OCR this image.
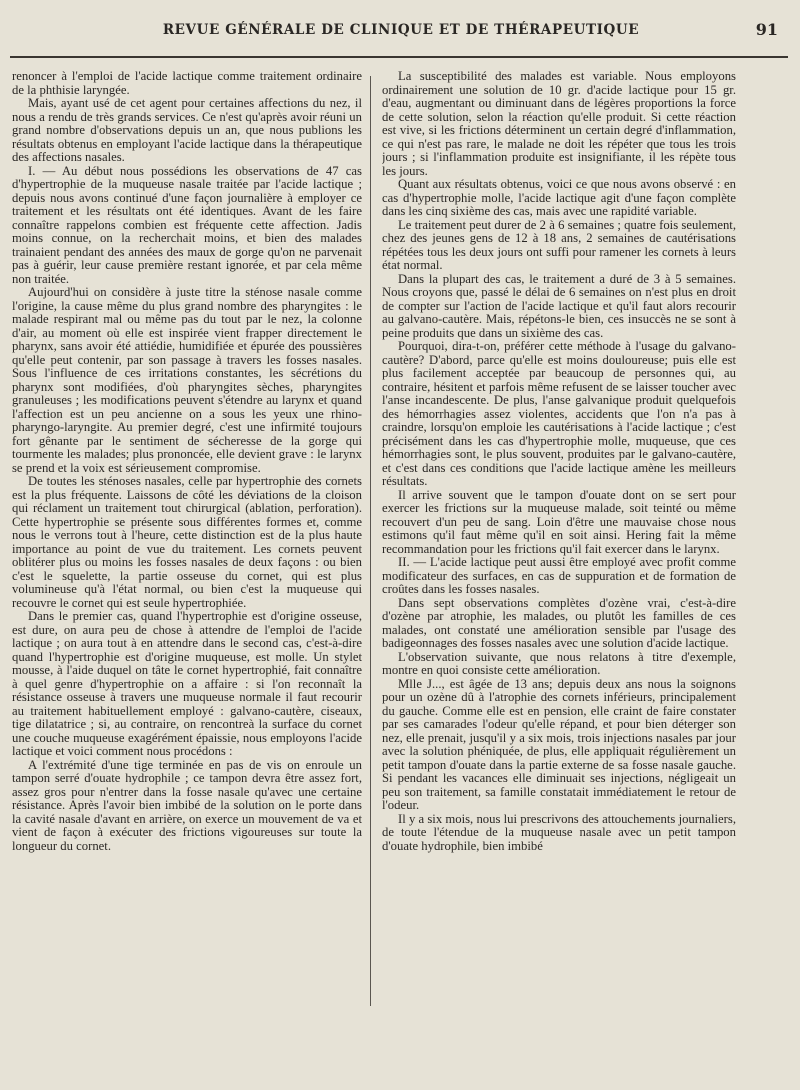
REVUE GÉNÉRALE DE CLINIQUE ET DE THÉRAPEUTIQUE	91

renoncer à l'emploi de l'acide lactique comme traitement ordinaire de la phthisie laryngée.

Mais, ayant usé de cet agent pour certaines affections du nez, il nous a rendu de très grands services. Ce n'est qu'après avoir réuni un grand nombre d'observations depuis un an, que nous publions les résultats obtenus en employant l'acide lactique dans la thérapeutique des affections nasales.

I. — Au début nous possédions les observations de 47 cas d'hypertrophie de la muqueuse nasale traitée par l'acide lactique ; depuis nous avons continué d'une façon journalière à employer ce traitement et les résultats ont été identiques. Avant de les faire connaître rappelons combien est fréquente cette affection. Jadis moins connue, on la recherchait moins, et bien des malades trainaient pendant des années des maux de gorge qu'on ne parvenait pas à guérir, leur cause première restant ignorée, et par cela même non traitée.

Aujourd'hui on considère à juste titre la sténose nasale comme l'origine, la cause même du plus grand nombre des pharyngites : le malade respirant mal ou même pas du tout par le nez, la colonne d'air, au moment où elle est inspirée vient frapper directement le pharynx, sans avoir été attiédie, humidifiée et épurée des poussières qu'elle peut contenir, par son passage à travers les fosses nasales. Sous l'influence de ces irritations constantes, les sécrétions du pharynx sont modifiées, d'où pharyngites sèches, pharyngites granuleuses ; les modifications peuvent s'étendre au larynx et quand l'affection est un peu ancienne on a sous les yeux une rhino-pharyngo-laryngite. Au premier degré, c'est une infirmité toujours fort gênante par le sentiment de sécheresse de la gorge qui tourmente les malades; plus prononcée, elle devient grave : le larynx se prend et la voix est sérieusement compromise.

De toutes les sténoses nasales, celle par hypertrophie des cornets est la plus fréquente. Laissons de côté les déviations de la cloison qui réclament un traitement tout chirurgical (ablation, perforation). Cette hypertrophie se présente sous différentes formes et, comme nous le verrons tout à l'heure, cette distinction est de la plus haute importance au point de vue du traitement. Les cornets peuvent oblitérer plus ou moins les fosses nasales de deux façons : ou bien c'est le squelette, la partie osseuse du cornet, qui est plus volumineuse qu'à l'état normal, ou bien c'est la muqueuse qui recouvre le cornet qui est seule hypertrophiée.

Dans le premier cas, quand l'hypertrophie est d'origine osseuse, est dure, on aura peu de chose à attendre de l'emploi de l'acide lactique ; on aura tout à en attendre dans le second cas, c'est-à-dire quand l'hypertrophie est d'origine muqueuse, est molle. Un stylet mousse, à l'aide duquel on tâte le cornet hypertrophié, fait connaître à quel genre d'hypertrophie on a affaire : si l'on reconnaît la résistance osseuse à travers une muqueuse normale il faut recourir au traitement habituellement employé : galvano-cautère, ciseaux, tige dilatatrice ; si, au contraire, on rencontreà la surface du cornet une couche muqueuse exagérément épaissie, nous employons l'acide lactique et voici comment nous procédons :

A l'extrémité d'une tige terminée en pas de vis on enroule un tampon serré d'ouate hydrophile ; ce tampon devra être assez fort, assez gros pour n'entrer dans la fosse nasale qu'avec une certaine résistance. Après l'avoir bien imbibé de la solution on le porte dans la cavité nasale d'avant en arrière, on exerce un mouvement de va et vient de façon à exécuter des frictions vigoureuses sur toute la longueur du cornet.

La susceptibilité des malades est variable. Nous employons ordinairement une solution de 10 gr. d'acide lactique pour 15 gr. d'eau, augmentant ou diminuant dans de légères proportions la force de cette solution, selon la réaction qu'elle produit. Si cette réaction est vive, si les frictions déterminent un certain degré d'inflammation, ce qui n'est pas rare, le malade ne doit les répéter que tous les trois jours ; si l'inflammation produite est insignifiante, il les répète tous les jours.

Quant aux résultats obtenus, voici ce que nous avons observé : en cas d'hypertrophie molle, l'acide lactique agit d'une façon complète dans les cinq sixième des cas, mais avec une rapidité variable.

Le traitement peut durer de 2 à 6 semaines ; quatre fois seulement, chez des jeunes gens de 12 à 18 ans, 2 semaines de cautérisations répétées tous les deux jours ont suffi pour ramener les cornets à leurs état normal.

Dans la plupart des cas, le traitement a duré de 3 à 5 semaines. Nous croyons que, passé le délai de 6 semaines on n'est plus en droit de compter sur l'action de l'acide lactique et qu'il faut alors recourir au galvano-cautère. Mais, répétons-le bien, ces insuccès ne se sont à peine produits que dans un sixième des cas.

Pourquoi, dira-t-on, préférer cette méthode à l'usage du galvano-cautère? D'abord, parce qu'elle est moins douloureuse; puis elle est plus facilement acceptée par beaucoup de personnes qui, au contraire, hésitent et parfois même refusent de se laisser toucher avec l'anse incandescente. De plus, l'anse galvanique produit quelquefois des hémorrhagies assez violentes, accidents que l'on n'a pas à craindre, lorsqu'on emploie les cautérisations à l'acide lactique ; c'est précisément dans les cas d'hypertrophie molle, muqueuse, que ces hémorrhagies sont, le plus souvent, produites par le galvano-cautère, et c'est dans ces conditions que l'acide lactique amène les meilleurs résultats.

Il arrive souvent que le tampon d'ouate dont on se sert pour exercer les frictions sur la muqueuse malade, soit teinté ou même recouvert d'un peu de sang. Loin d'être une mauvaise chose nous estimons qu'il faut même qu'il en soit ainsi. Hering fait la même recommandation pour les frictions qu'il fait exercer dans le larynx.

II. — L'acide lactique peut aussi être employé avec profit comme modificateur des surfaces, en cas de suppuration et de formation de croûtes dans les fosses nasales.

Dans sept observations complètes d'ozène vrai, c'est-à-dire d'ozène par atrophie, les malades, ou plutôt les familles de ces malades, ont constaté une amélioration sensible par l'usage des badigeonnages des fosses nasales avec une solution d'acide lactique.

L'observation suivante, que nous relatons à titre d'exemple, montre en quoi consiste cette amélioration.

Mlle J..., est âgée de 13 ans; depuis deux ans nous la soignons pour un ozène dû à l'atrophie des cornets inférieurs, principalement du gauche. Comme elle est en pension, elle craint de faire constater par ses camarades l'odeur qu'elle répand, et pour bien déterger son nez, elle prenait, jusqu'il y a six mois, trois injections nasales par jour avec la solution phéniquée, de plus, elle appliquait régulièrement un petit tampon d'ouate dans la partie externe de sa fosse nasale gauche. Si pendant les vacances elle diminuait ses injections, négligeait un peu son traitement, sa famille constatait immédiatement le retour de l'odeur.

Il y a six mois, nous lui prescrivons des attouchements journaliers, de toute l'étendue de la muqueuse nasale avec un petit tampon d'ouate hydrophile, bien imbibé
